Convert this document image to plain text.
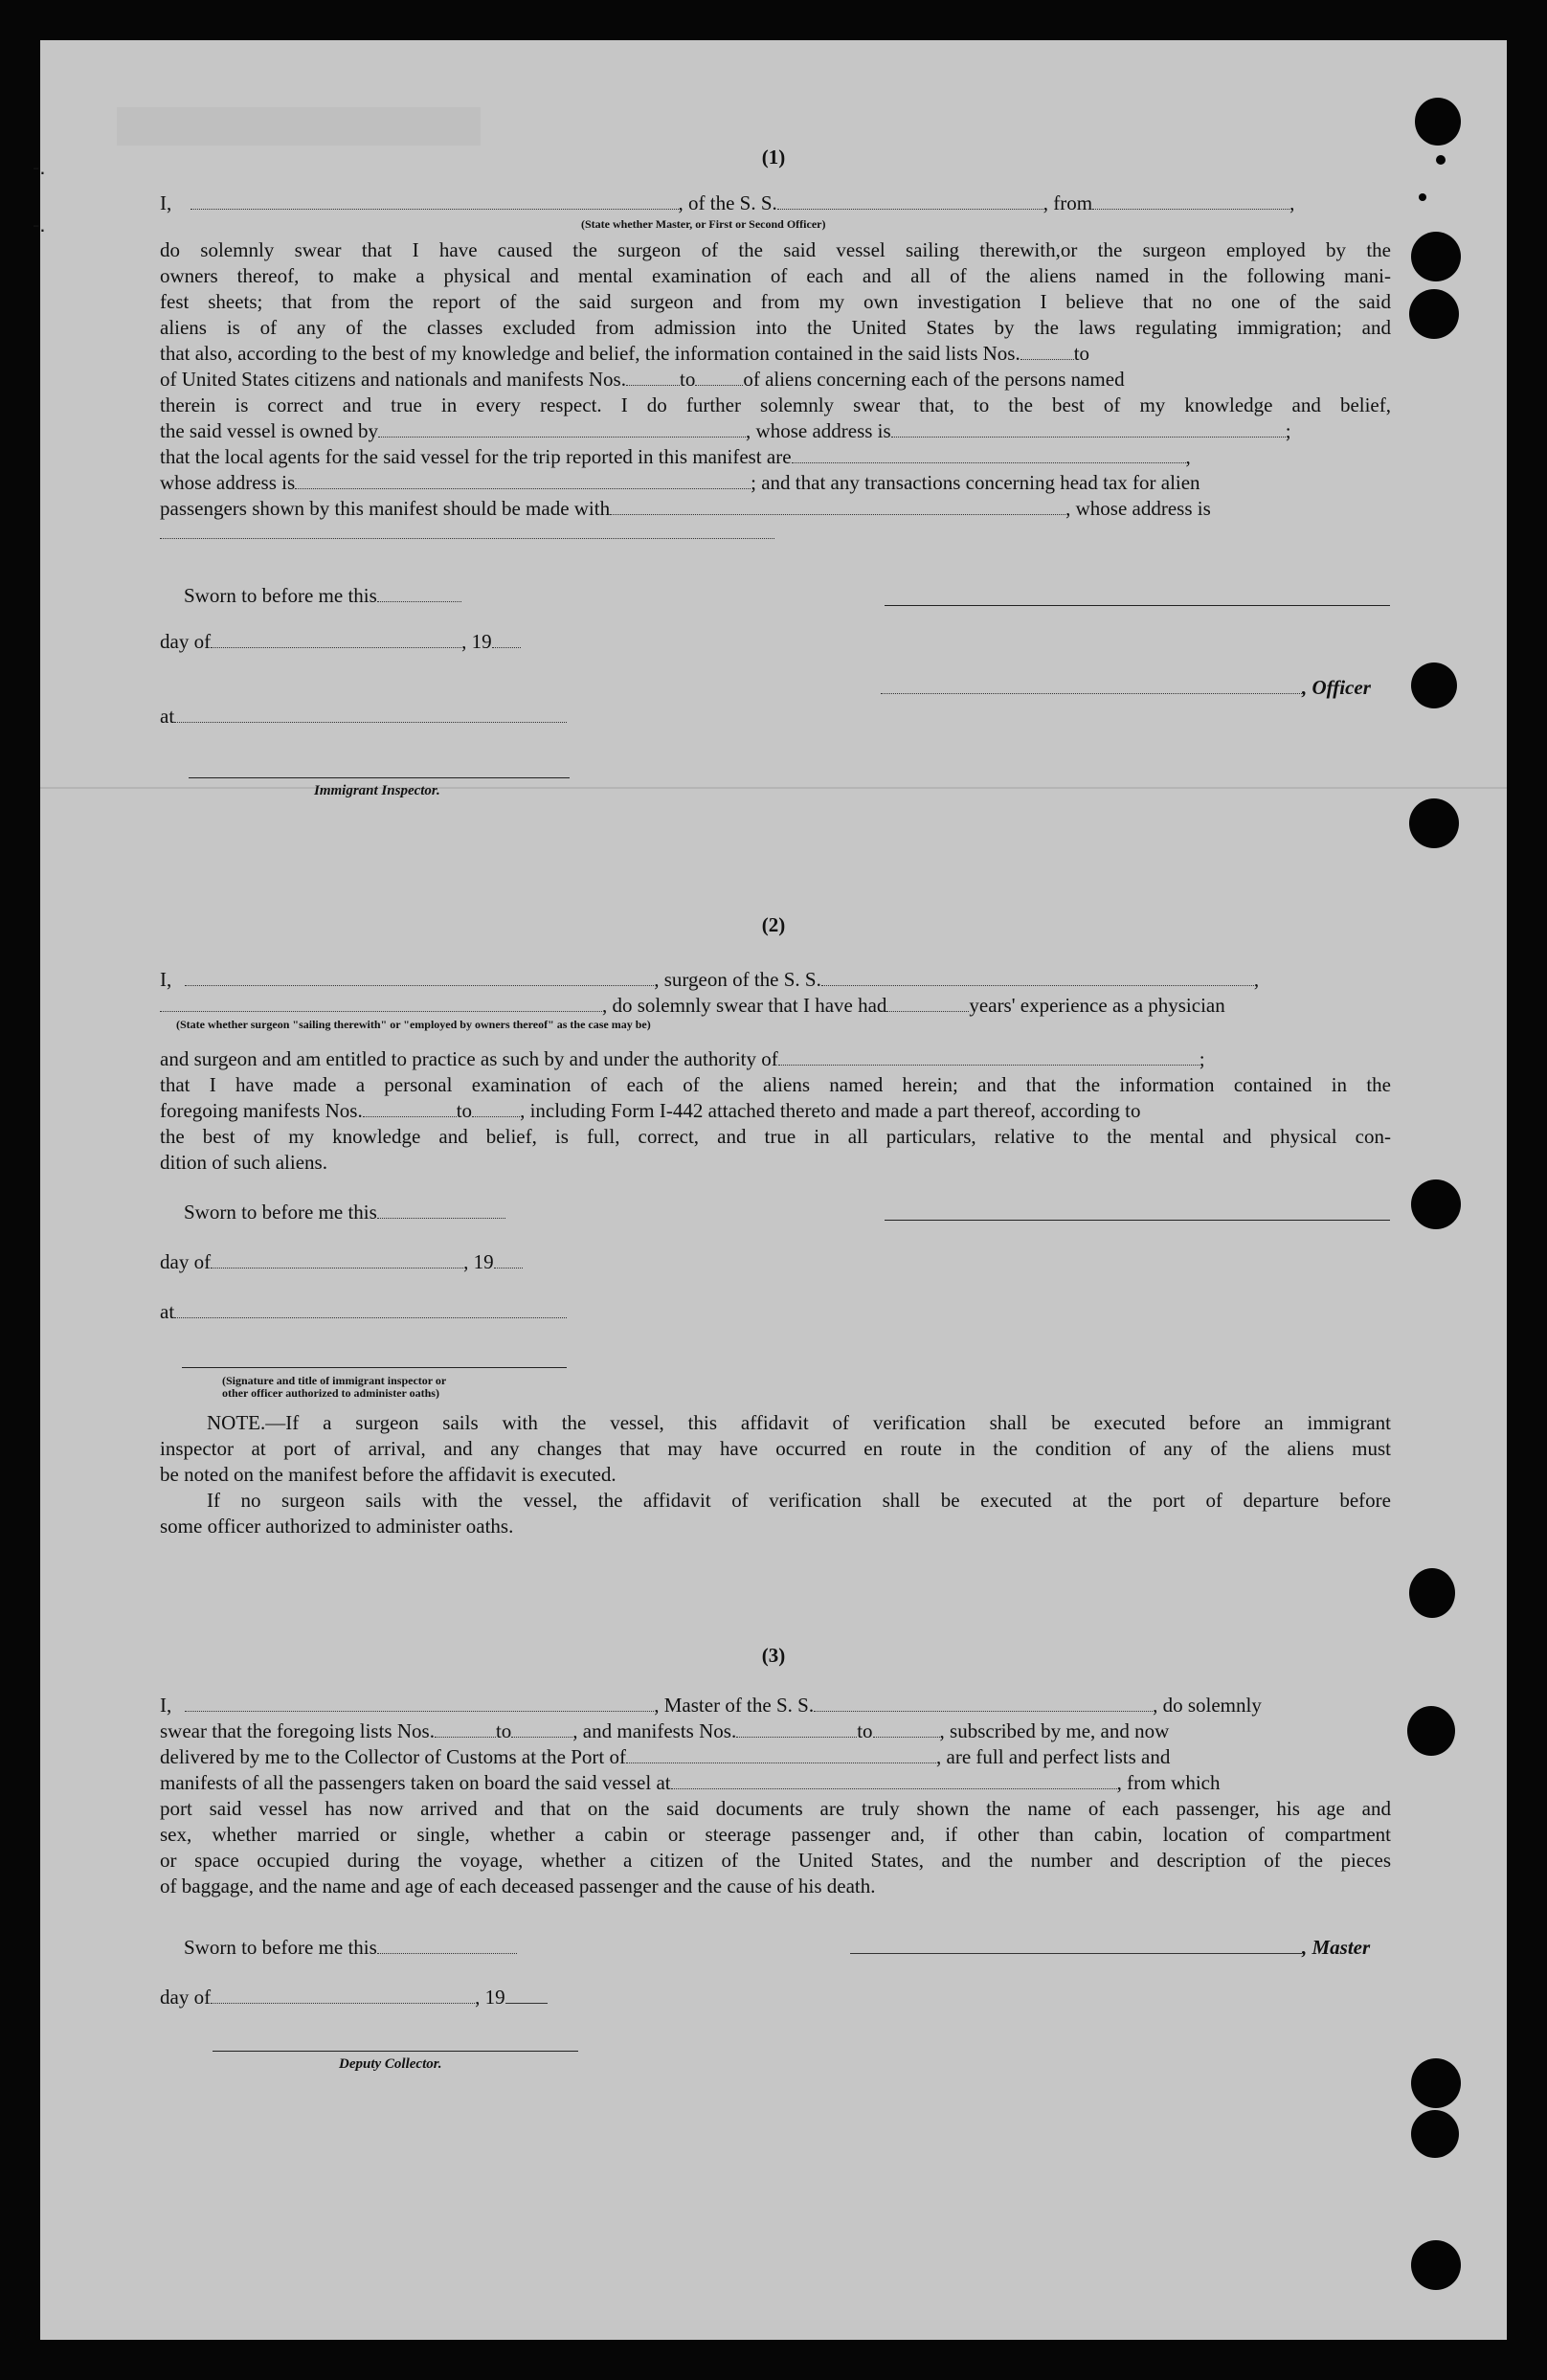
-.
-.
(1)
I,	, of the S. S.	, from	,
(State whether Master, or First or Second Officer)
do solemnly swear that I have caused the surgeon of the said vessel sailing therewith,or the surgeon employed by the
owners thereof, to make a physical and mental examination of each and all of the aliens named in the following mani-
fest sheets; that from the report of the said surgeon and from my own investigation I believe that no one of the said
aliens is of any of the classes excluded from admission into the United States by the laws regulating immigration; and
that also, according to the best of my knowledge and belief, the information contained in the said lists Nos.	to
of United States citizens and nationals and manifests Nos.	to of aliens concerning each of the persons named
therein is correct and true in every respect. I do further solemnly swear that, to the best of my knowledge and belief,
the said vessel is owned by	, whose address is	;
that the local agents for the said vessel for the trip reported in this manifest are	,
whose address is	; and that any transactions concerning head tax for alien
passengers shown by this manifest should be made with	, whose address is
Sworn to before me this
day of	, 19
, Officer
at
Immigrant Inspector.
(2)
I,	, surgeon of the S. S.	,
, do solemnly swear that I have had	years' experience as a physician
(State whether surgeon "sailing therewith" or "employed by owners thereof" as the case may be)
and surgeon and am entitled to practice as such by and under the authority of	;
that I have made a personal examination of each of the aliens named herein; and that the information contained in the
foregoing manifests Nos.	to , including Form I-442 attached thereto and made a part thereof, according to
the best of my knowledge and belief, is full, correct, and true in all particulars, relative to the mental and physical con-
dition of such aliens.
Sworn to before me this
day of	, 19
at
(Signature and title of immigrant inspector or
other officer authorized to administer oaths)
NOTE.—If a surgeon sails with the vessel, this affidavit of verification shall be executed before an immigrant
inspector at port of arrival, and any changes that may have occurred en route in the condition of any of the aliens must
be noted on the manifest before the affidavit is executed.
If no surgeon sails with the vessel, the affidavit of verification shall be executed at the port of departure before
some officer authorized to administer oaths.
(3)
I,	, Master of the S. S.	, do solemnly
swear that the foregoing lists Nos.	to	, and manifests Nos.	to	, subscribed by me, and now
delivered by me to the Collector of Customs at the Port of	, are full and perfect lists and
manifests of all the passengers taken on board the said vessel at	, from which
port said vessel has now arrived and that on the said documents are truly shown the name of each passenger, his age and
sex, whether married or single, whether a cabin or steerage passenger and, if other than cabin, location of compartment
or space occupied during the voyage, whether a citizen of the United States, and the number and description of the pieces
of baggage, and the name and age of each deceased passenger and the cause of his death.
Sworn to before me this	, Master
day of	, 19
Deputy Collector.
